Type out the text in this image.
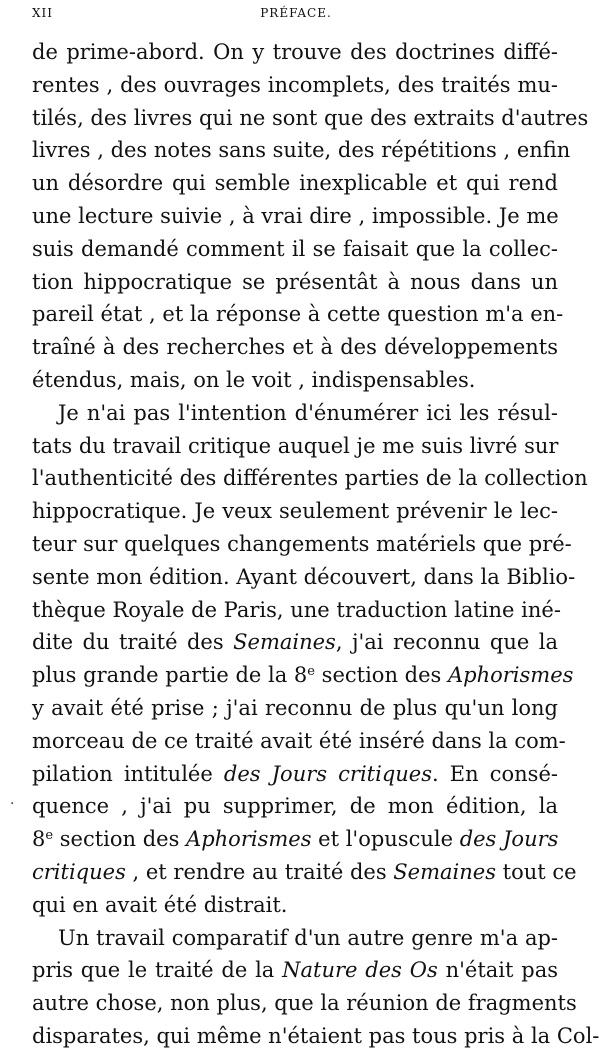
XII	PRÉFACE.
·
de prime-abord. On y trouve des doctrines diffé-
rentes , des ouvrages incomplets, des traités mu-
tilés, des livres qui ne sont que des extraits d'autres
livres , des notes sans suite, des répétitions , enfin
un désordre qui semble inexplicable et qui rend
une lecture suivie , à vrai dire , impossible. Je me
suis demandé comment il se faisait que la collec-
tion hippocratique se présentât à nous dans un
pareil état , et la réponse à cette question m'a en-
traîné à des recherches et à des développements
étendus, mais, on le voit , indispensables.
Je n'ai pas l'intention d'énumérer ici les résul-
tats du travail critique auquel je me suis livré sur
l'authenticité des différentes parties de la collection
hippocratique. Je veux seulement prévenir le lec-
teur sur quelques changements matériels que pré-
sente mon édition. Ayant découvert, dans la Biblio-
thèque Royale de Paris, une traduction latine iné-
dite du traité des Semaines, j'ai reconnu que la
plus grande partie de la 8e section des Aphorismes
y avait été prise ; j'ai reconnu de plus qu'un long
morceau de ce traité avait été inséré dans la com-
pilation intitulée des Jours critiques. En consé-
quence , j'ai pu supprimer, de mon édition, la
8e section des Aphorismes et l'opuscule des Jours
critiques , et rendre au traité des Semaines tout ce
qui en avait été distrait.
Un travail comparatif d'un autre genre m'a ap-
pris que le traité de la Nature des Os n'était pas
autre chose, non plus, que la réunion de fragments
disparates, qui même n'étaient pas tous pris à la Col-
